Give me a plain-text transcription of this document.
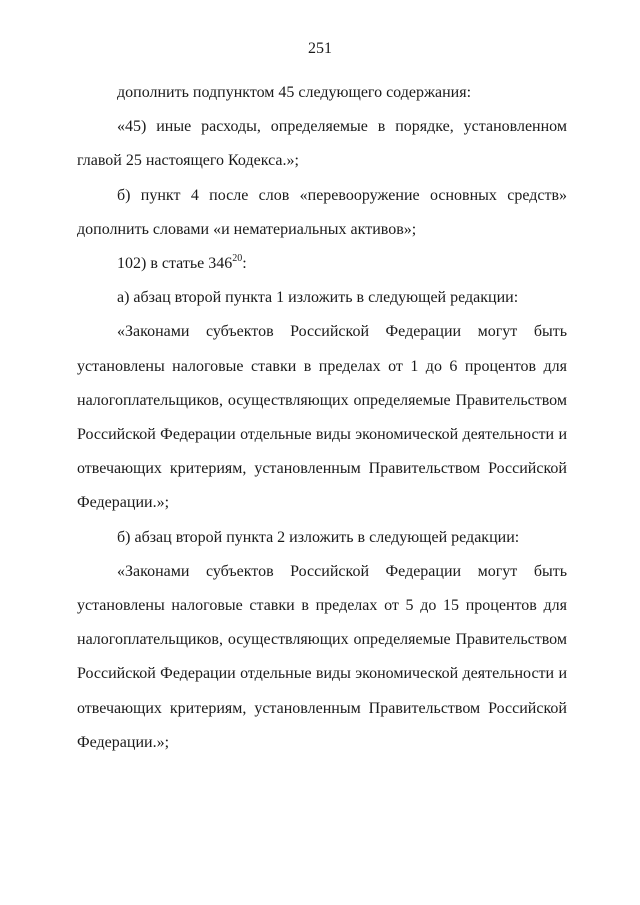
251
дополнить подпунктом 45 следующего содержания:
«45) иные расходы, определяемые в порядке, установленном
главой 25 настоящего Кодекса.»;
б) пункт 4 после слов «перевооружение основных средств»
дополнить словами «и нематериальных активов»;
102) в статье $346^{20}$:
а) абзац второй пункта 1 изложить в следующей редакции:
«Законами субъектов Российской Федерации могут быть
установлены налоговые ставки в пределах от 1 до 6 процентов для
налогоплательщиков, осуществляющих определяемые Правительством
Российской Федерации отдельные виды экономической деятельности и
отвечающих критериям, установленным Правительством Российской
Федерации.»;
б) абзац второй пункта 2 изложить в следующей редакции:
«Законами субъектов Российской Федерации могут быть
установлены налоговые ставки в пределах от 5 до 15 процентов для
налогоплательщиков, осуществляющих определяемые Правительством
Российской Федерации отдельные виды экономической деятельности и
отвечающих критериям, установленным Правительством Российской
Федерации.»;
